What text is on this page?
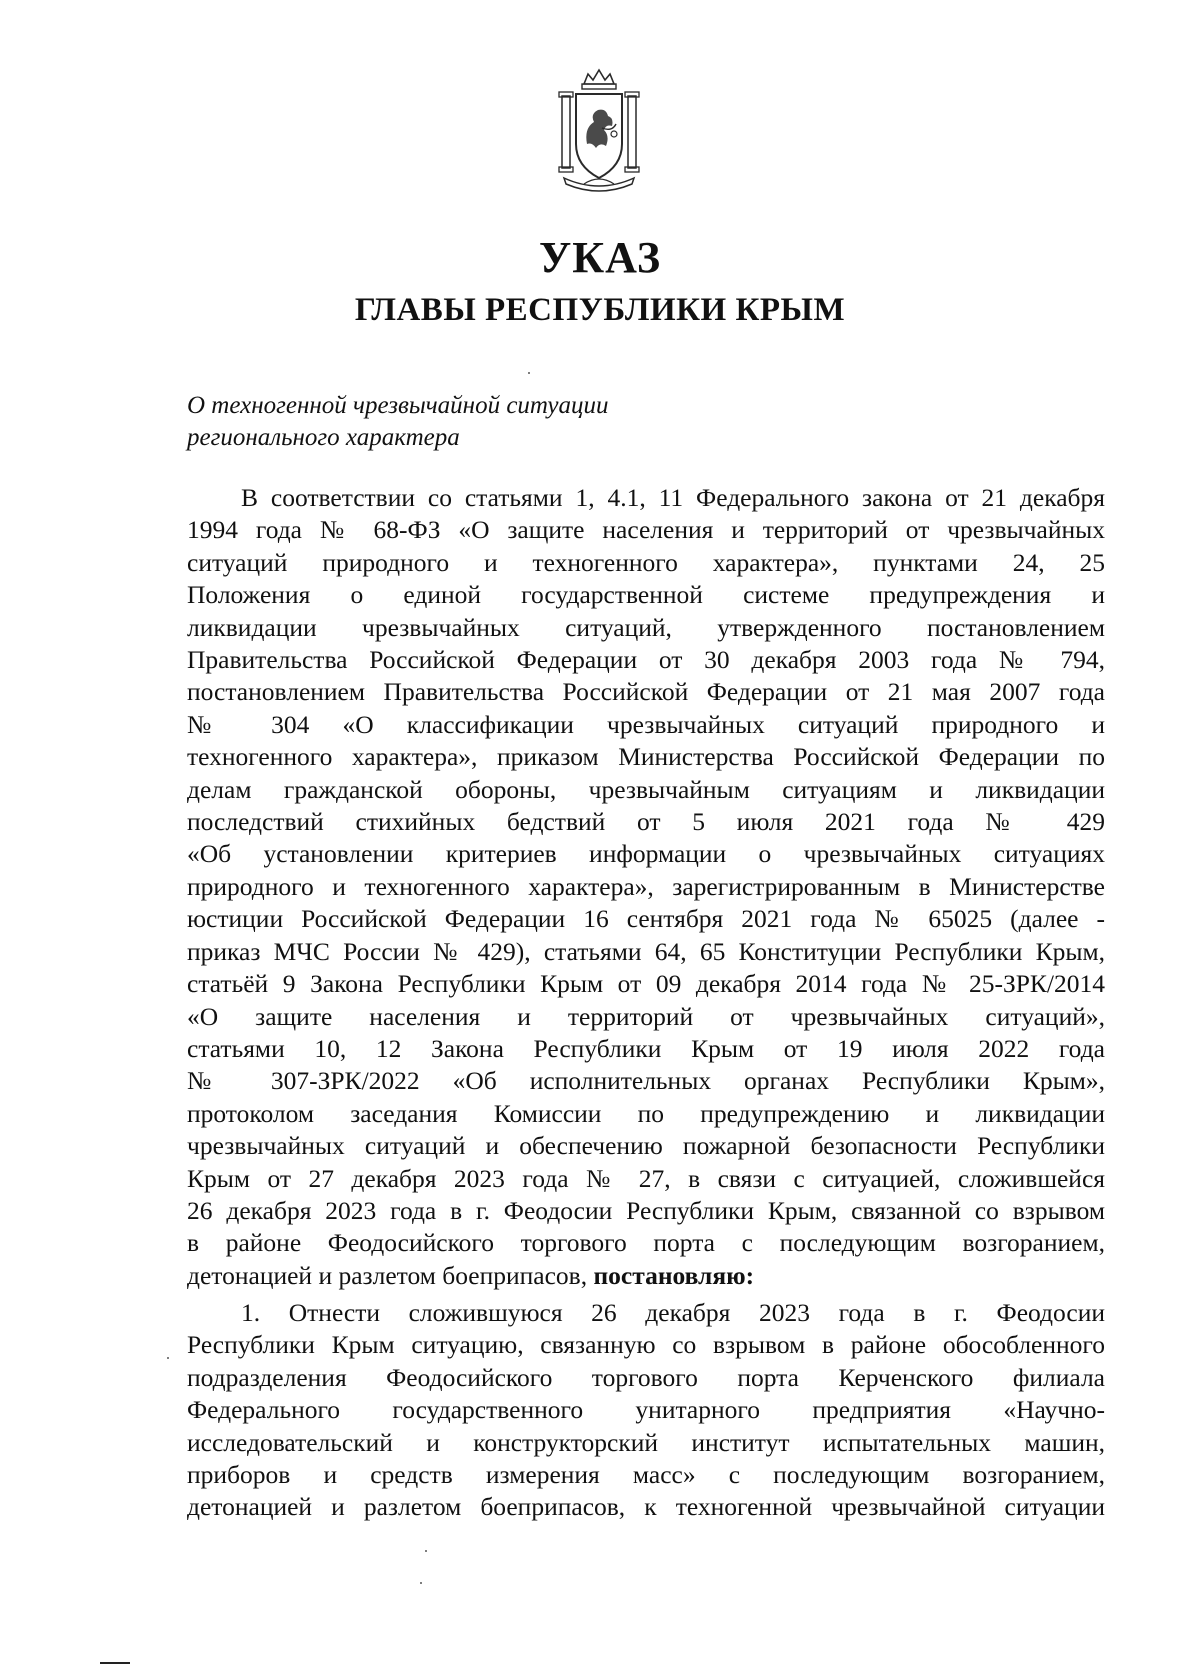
УКАЗ
ГЛАВЫ РЕСПУБЛИКИ КРЫМ
О техногенной чрезвычайной ситуации
регионального характера
В соответствии со статьями 1, 4.1, 11 Федерального закона от 21 декабря
1994 года № 68-ФЗ «О защите населения и территорий от чрезвычайных
ситуаций природного и техногенного характера», пунктами 24, 25
Положения о единой государственной системе предупреждения и
ликвидации чрезвычайных ситуаций, утвержденного постановлением
Правительства Российской Федерации от 30 декабря 2003 года № 794,
постановлением Правительства Российской Федерации от 21 мая 2007 года
№ 304 «О классификации чрезвычайных ситуаций природного и
техногенного характера», приказом Министерства Российской Федерации по
делам гражданской обороны, чрезвычайным ситуациям и ликвидации
последствий стихийных бедствий от 5 июля 2021 года № 429
«Об установлении критериев информации о чрезвычайных ситуациях
природного и техногенного характера», зарегистрированным в Министерстве
юстиции Российской Федерации 16 сентября 2021 года № 65025 (далее -
приказ МЧС России № 429), статьями 64, 65 Конституции Республики Крым,
статьёй 9 Закона Республики Крым от 09 декабря 2014 года № 25-ЗРК/2014
«О защите населения и территорий от чрезвычайных ситуаций»,
статьями 10, 12 Закона Республики Крым от 19 июля 2022 года
№ 307-ЗРК/2022 «Об исполнительных органах Республики Крым»,
протоколом заседания Комиссии по предупреждению и ликвидации
чрезвычайных ситуаций и обеспечению пожарной безопасности Республики
Крым от 27 декабря 2023 года № 27, в связи с ситуацией, сложившейся
26 декабря 2023 года в г. Феодосии Республики Крым, связанной со взрывом
в районе Феодосийского торгового порта с последующим возгоранием,
детонацией и разлетом боеприпасов, постановляю:
1. Отнести сложившуюся 26 декабря 2023 года в г. Феодосии
Республики Крым ситуацию, связанную со взрывом в районе обособленного
подразделения Феодосийского торгового порта Керченского филиала
Федерального государственного унитарного предприятия «Научно-
исследовательский и конструкторский институт испытательных машин,
приборов и средств измерения масс» с последующим возгоранием,
детонацией и разлетом боеприпасов, к техногенной чрезвычайной ситуации
